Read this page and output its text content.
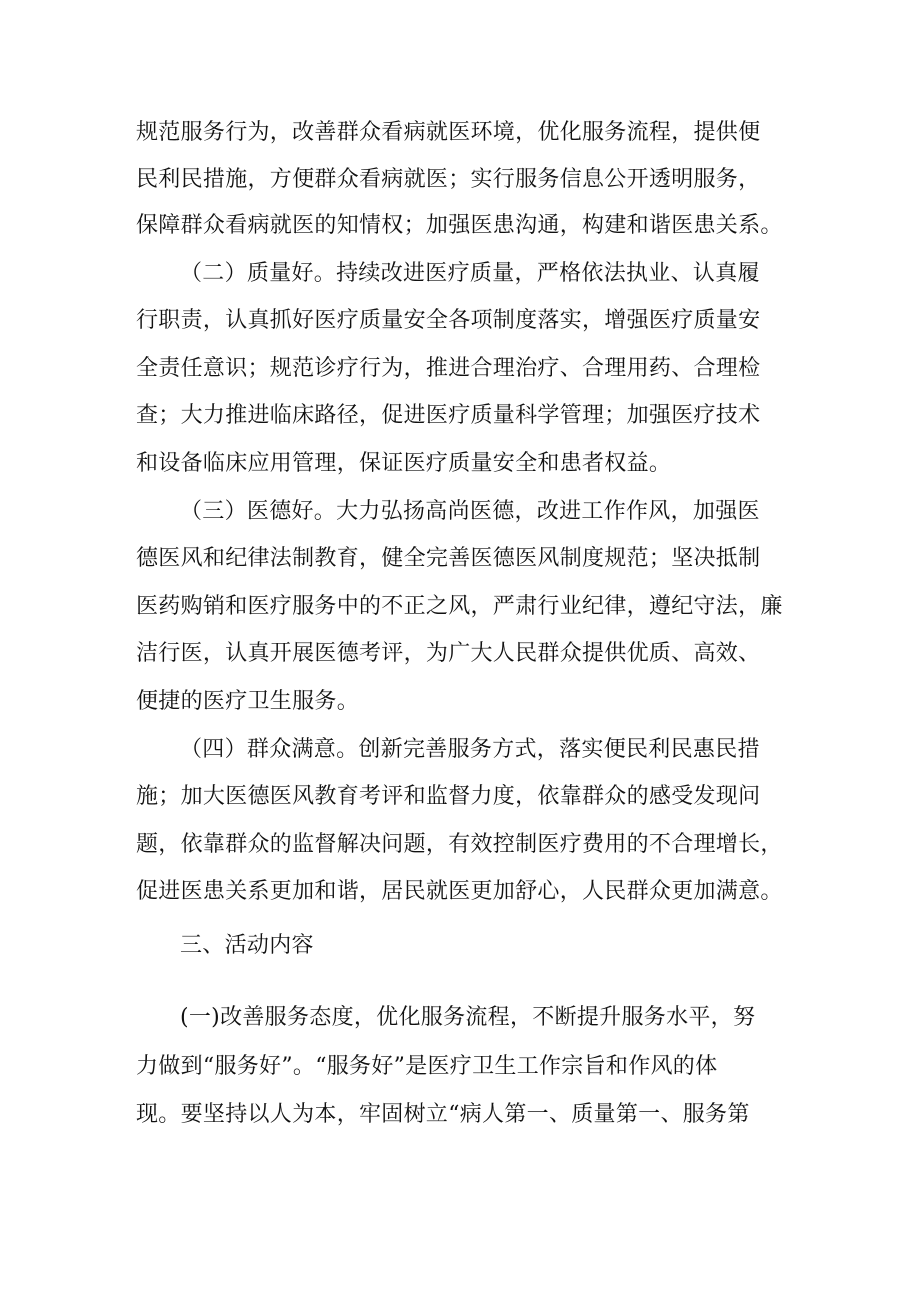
规范服务行为，改善群众看病就医环境，优化服务流程，提供便
民利民措施，方便群众看病就医；实行服务信息公开透明服务，
保障群众看病就医的知情权；加强医患沟通，构建和谐医患关系。
（二）质量好。持续改进医疗质量，严格依法执业、认真履
行职责，认真抓好医疗质量安全各项制度落实，增强医疗质量安
全责任意识；规范诊疗行为，推进合理治疗、合理用药、合理检
查；大力推进临床路径，促进医疗质量科学管理；加强医疗技术
和设备临床应用管理，保证医疗质量安全和患者权益。
（三）医德好。大力弘扬高尚医德，改进工作作风，加强医
德医风和纪律法制教育，健全完善医德医风制度规范；坚决抵制
医药购销和医疗服务中的不正之风，严肃行业纪律，遵纪守法，廉
洁行医，认真开展医德考评，为广大人民群众提供优质、高效、
便捷的医疗卫生服务。
（四）群众满意。创新完善服务方式，落实便民利民惠民措
施；加大医德医风教育考评和监督力度，依靠群众的感受发现问
题，依靠群众的监督解决问题，有效控制医疗费用的不合理增长，
促进医患关系更加和谐，居民就医更加舒心，人民群众更加满意。
三、活动内容
(一)改善服务态度，优化服务流程，不断提升服务水平，努
力做到“服务好”。“服务好”是医疗卫生工作宗旨和作风的体
现。要坚持以人为本，牢固树立“病人第一、质量第一、服务第
